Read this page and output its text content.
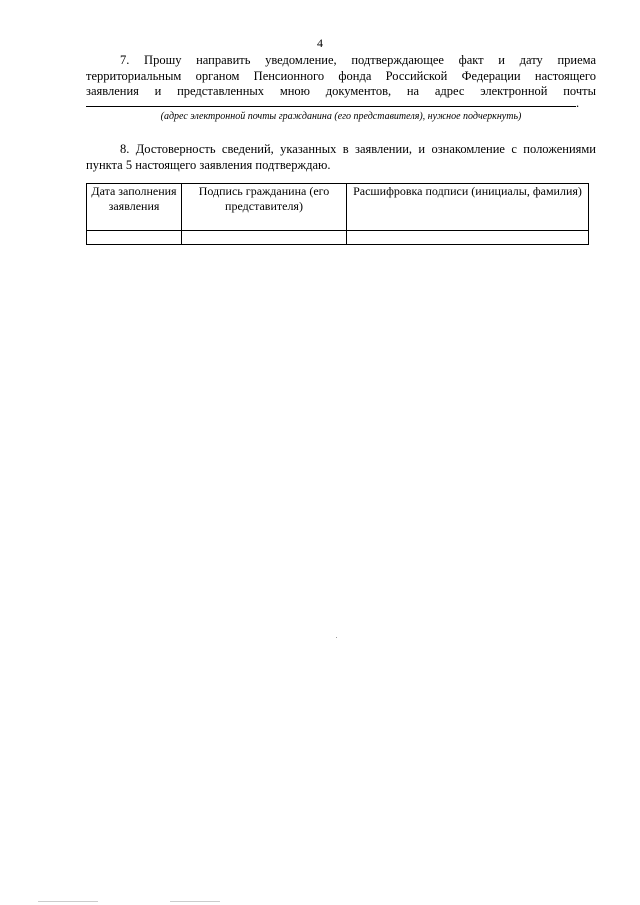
4
7. Прошу направить уведомление, подтверждающее факт и дату приема
территориальным органом Пенсионного фонда Российской Федерации настоящего
заявления и представленных мною документов, на адрес электронной почты
.
(адрес электронной почты гражданина (его представителя), нужное подчеркнуть)
8. Достоверность сведений, указанных в заявлении, и ознакомление с положениями
пункта 5 настоящего заявления подтверждаю.
Дата заполнения заявления	Подпись гражданина (его представителя)	Расшифровка подписи (инициалы, фамилия)
